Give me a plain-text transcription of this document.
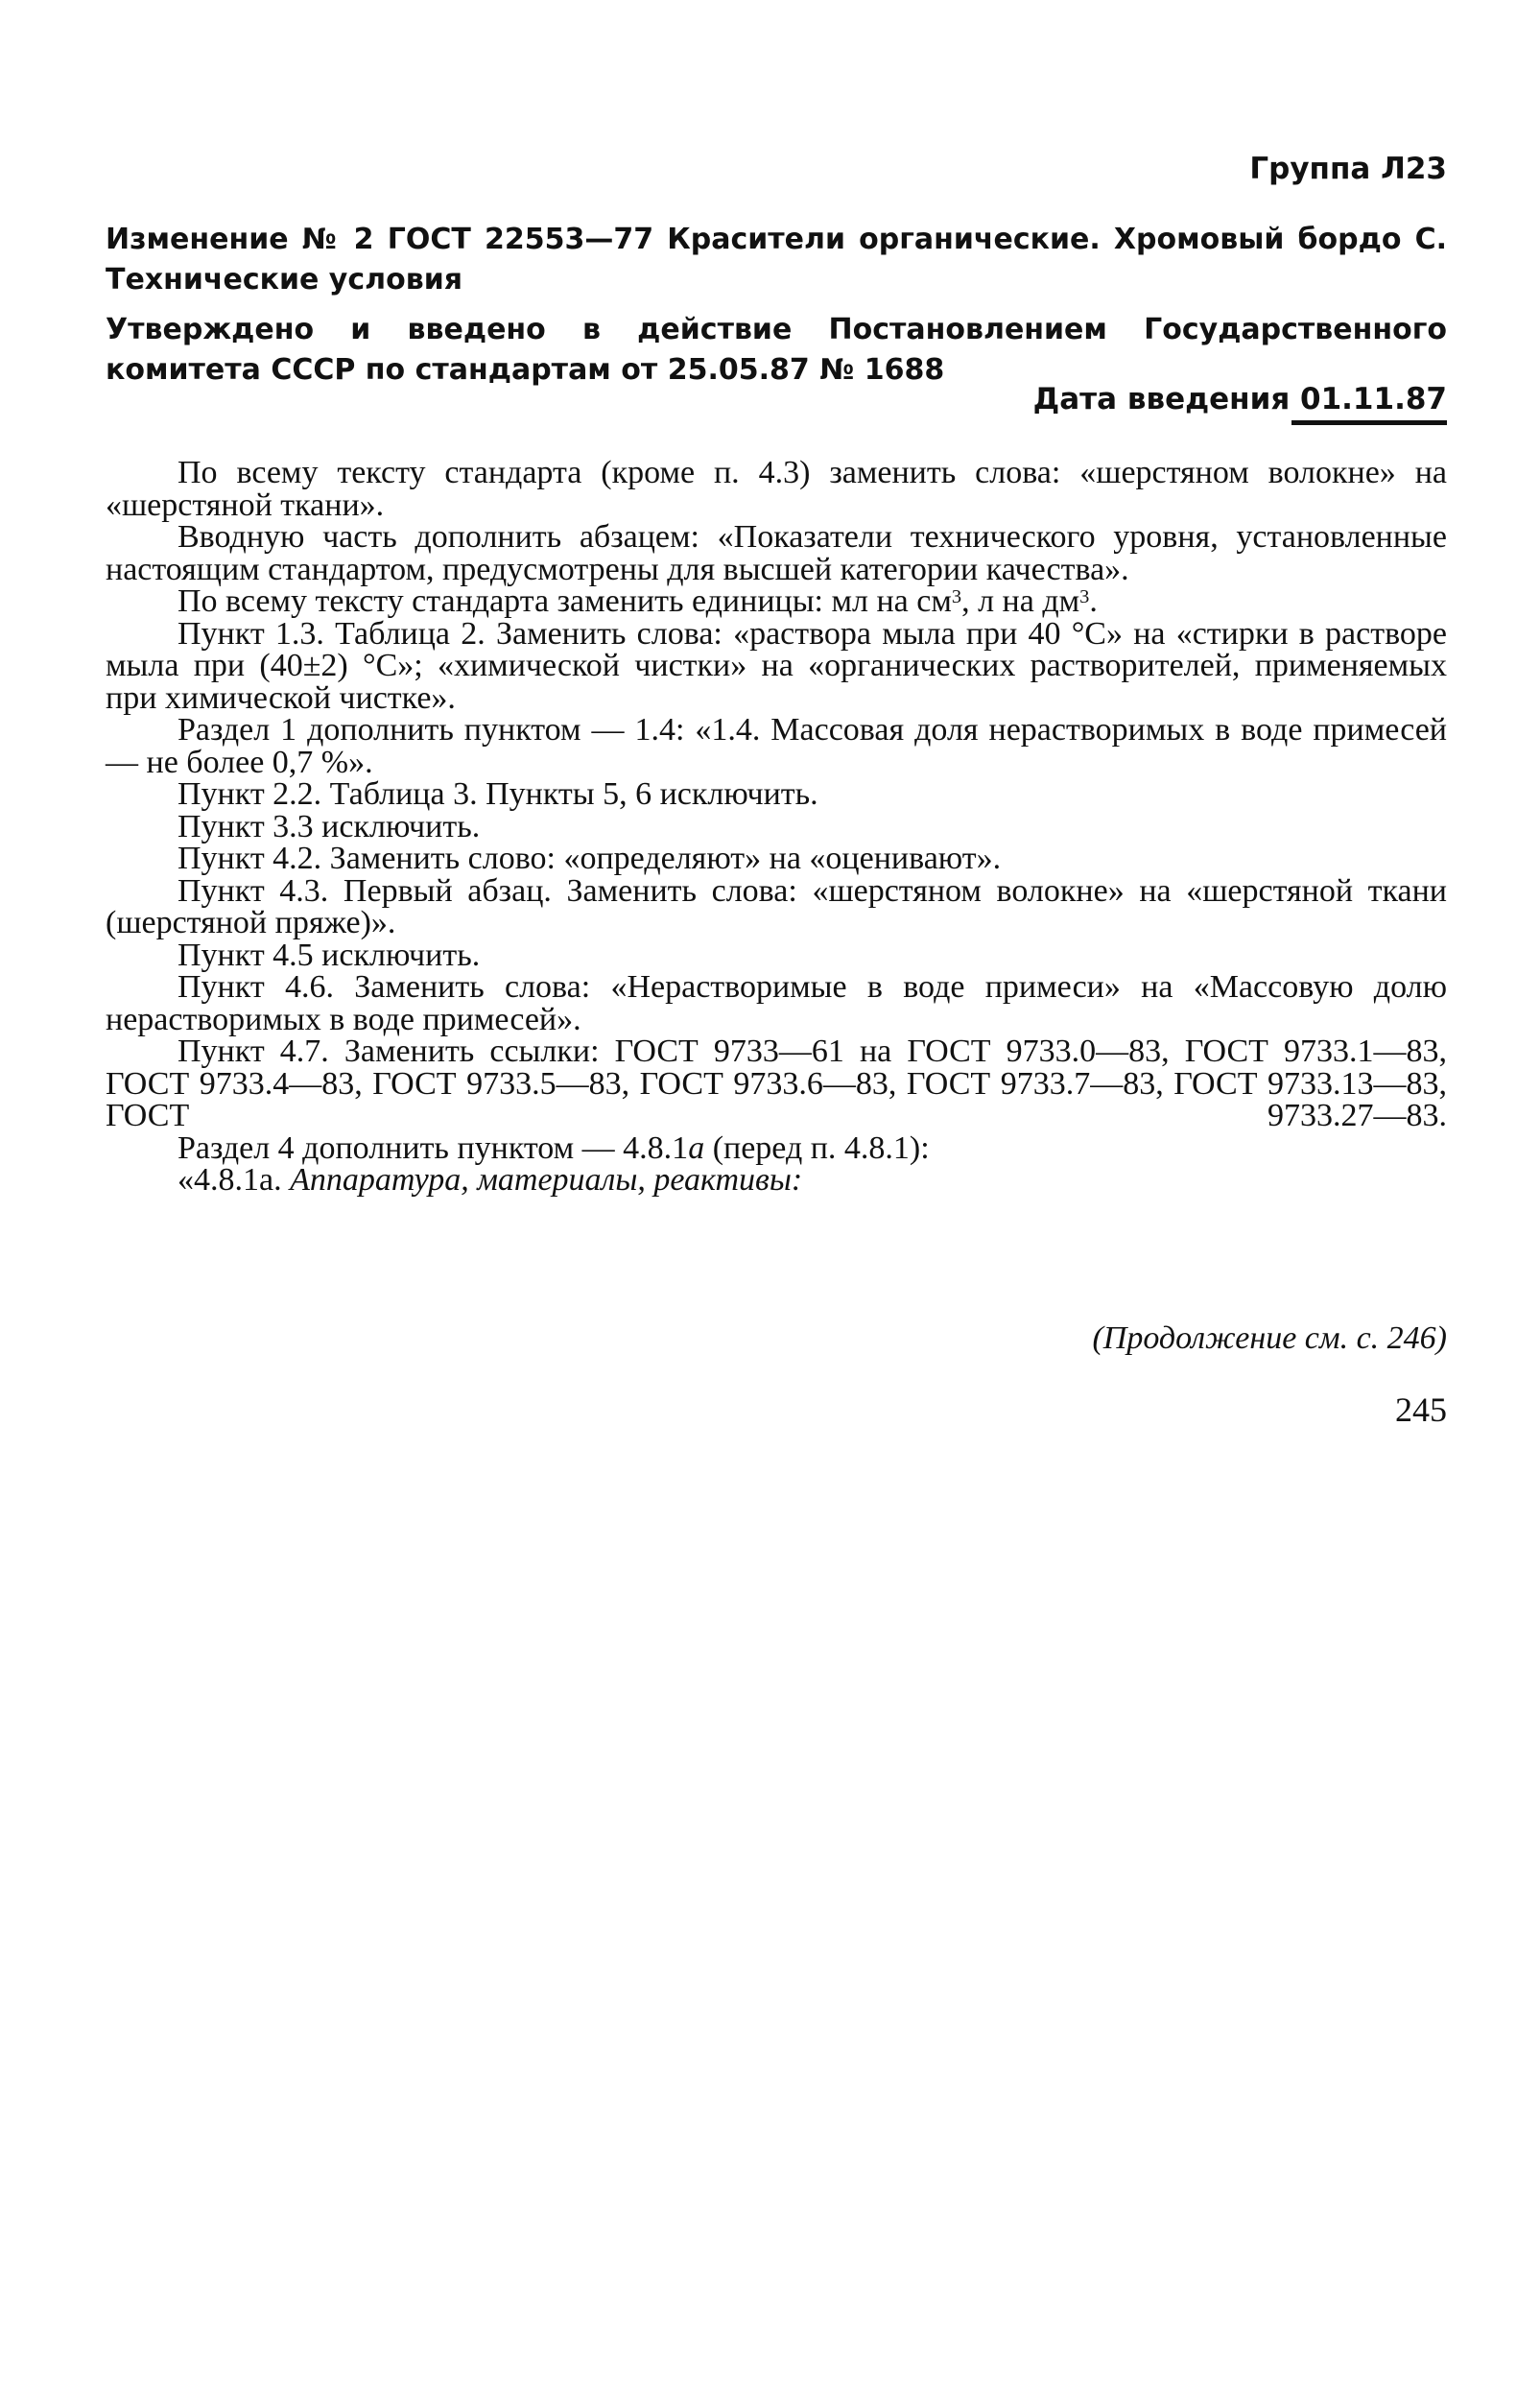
Группа Л23
Изменение № 2 ГОСТ 22553—77 Красители органические. Хромовый бордо С. Технические условия
Утверждено и введено в действие Постановлением Государственного комитета СССР по стандартам от 25.05.87 № 1688
Дата введения 01.11.87

По всему тексту стандарта (кроме п. 4.3) заменить слова: «шерстяном волокне» на «шерстяной ткани».

Вводную часть дополнить абзацем: «Показатели технического уровня, установленные настоящим стандартом, предусмотрены для высшей категории качества».

По всему тексту стандарта заменить единицы: мл на $см^3$, л на $дм^3$.

Пункт 1.3. Таблица 2. Заменить слова: «раствора мыла при 40 °С» на «стирки в растворе мыла при (40±2) °С»; «химической чистки» на «органических растворителей, применяемых при химической чистке».

Раздел 1 дополнить пунктом — 1.4: «1.4. Массовая доля нерастворимых в воде примесей — не более 0,7 %».

Пункт 2.2. Таблица 3. Пункты 5, 6 исключить.

Пункт 3.3 исключить.

Пункт 4.2. Заменить слово: «определяют» на «оценивают».

Пункт 4.3. Первый абзац. Заменить слова: «шерстяном волокне» на «шерстяной ткани (шерстяной пряже)».

Пункт 4.5 исключить.

Пункт 4.6. Заменить слова: «Нерастворимые в воде примеси» на «Массовую долю нерастворимых в воде примесей».

Пункт 4.7. Заменить ссылки: ГОСТ 9733—61 на ГОСТ 9733.0—83, ГОСТ 9733.1—83, ГОСТ 9733.4—83, ГОСТ 9733.5—83, ГОСТ 9733.6—83, ГОСТ 9733.7—83, ГОСТ 9733.13—83, ГОСТ 9733.27—83.

Раздел 4 дополнить пунктом — 4.8.1а (перед п. 4.8.1):

«4.8.1а. Аппаратура, материалы, реактивы:

(Продолжение см. с. 246)
245
